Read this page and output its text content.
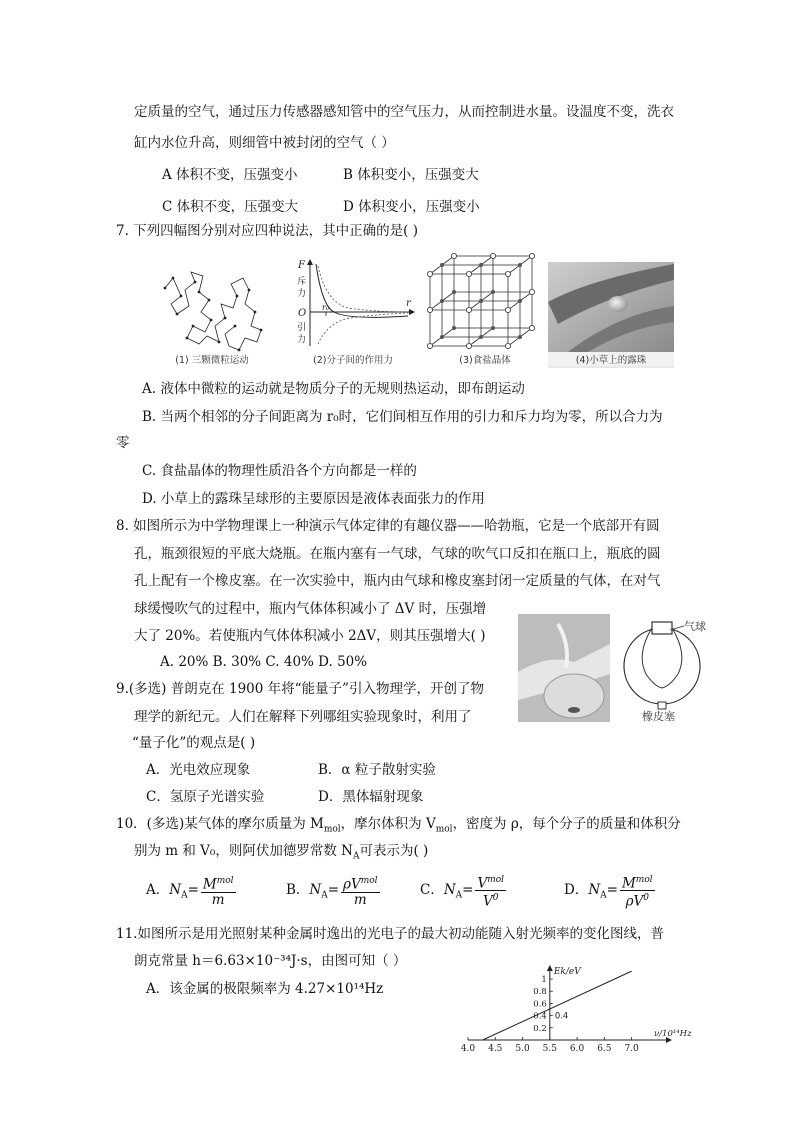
定质量的空气，通过压力传感器感知管中的空气压力，从而控制进水量。设温度不变，洗衣
缸内水位升高，则细管中被封闭的空气（ ）
A 体积不变，压强变小	B 体积变小，压强变大
C 体积不变，压强变大	D 体积变小，压强变小
7. 下列四幅图分别对应四种说法，其中正确的是( )
(1) 三颗微粒运动
F
斥
力
O
引
力
r₀	r
(2)分子间的作用力	(3)食盐晶体	(4)小草上的露珠
A. 液体中微粒的运动就是物质分子的无规则热运动，即布朗运动
B. 当两个相邻的分子间距离为 r₀时，它们间相互作用的引力和斥力均为零，所以合力为
零
C. 食盐晶体的物理性质沿各个方向都是一样的
D. 小草上的露珠呈球形的主要原因是液体表面张力的作用
8. 如图所示为中学物理课上一种演示气体定律的有趣仪器——哈勃瓶，它是一个底部开有圆
孔，瓶颈很短的平底大烧瓶。在瓶内塞有一气球，气球的吹气口反扣在瓶口上，瓶底的圆
孔上配有一个橡皮塞。在一次实验中，瓶内由气球和橡皮塞封闭一定质量的气体，在对气
球缓慢吹气的过程中，瓶内气体体积减小了 ΔV 时，压强增
大了 20%。若使瓶内气体体积减小 2ΔV，则其压强增大( )
A. 20% B. 30% C. 40% D. 50%
气球
橡皮塞
9.(多选) 普朗克在 1900 年将“能量子”引入物理学，开创了物
理学的新纪元。人们在解释下列哪组实验现象时，利用了
“量子化”的观点是( )
A．光电效应现象	B．α 粒子散射实验
C．氢原子光谱实验	D．黑体辐射现象
10．(多选)某气体的摩尔质量为 $M_{mol}$，摩尔体积为 $V_{mol}$，密度为 ρ，每个分子的质量和体积分
别为 m 和 V₀，则阿伏加德罗常数 $N_A$可表示为( )
A．$N_A= \frac{M^{mol}}{m}$	B．$N_A= \frac{\rho V^{mol}}{m}$	C．$N_A= \frac{V^{mol}}{V^0}$	D．$N_A= \frac{M^{mol}}{\rho V^0}$
11.如图所示是用光照射某种金属时逸出的光电子的最大初动能随入射光频率的变化图线，普
朗克常量 h＝6.63×10⁻³⁴J·s，由图可知（ ）
A．该金属的极限频率为 4.27×10¹⁴Hz
4.0 4.5 5.0 5.5 6.0 6.5 7.0
0.2
0.4
0.6
0.8
1
Ek/eV
ν/10¹⁴Hz
0.4
